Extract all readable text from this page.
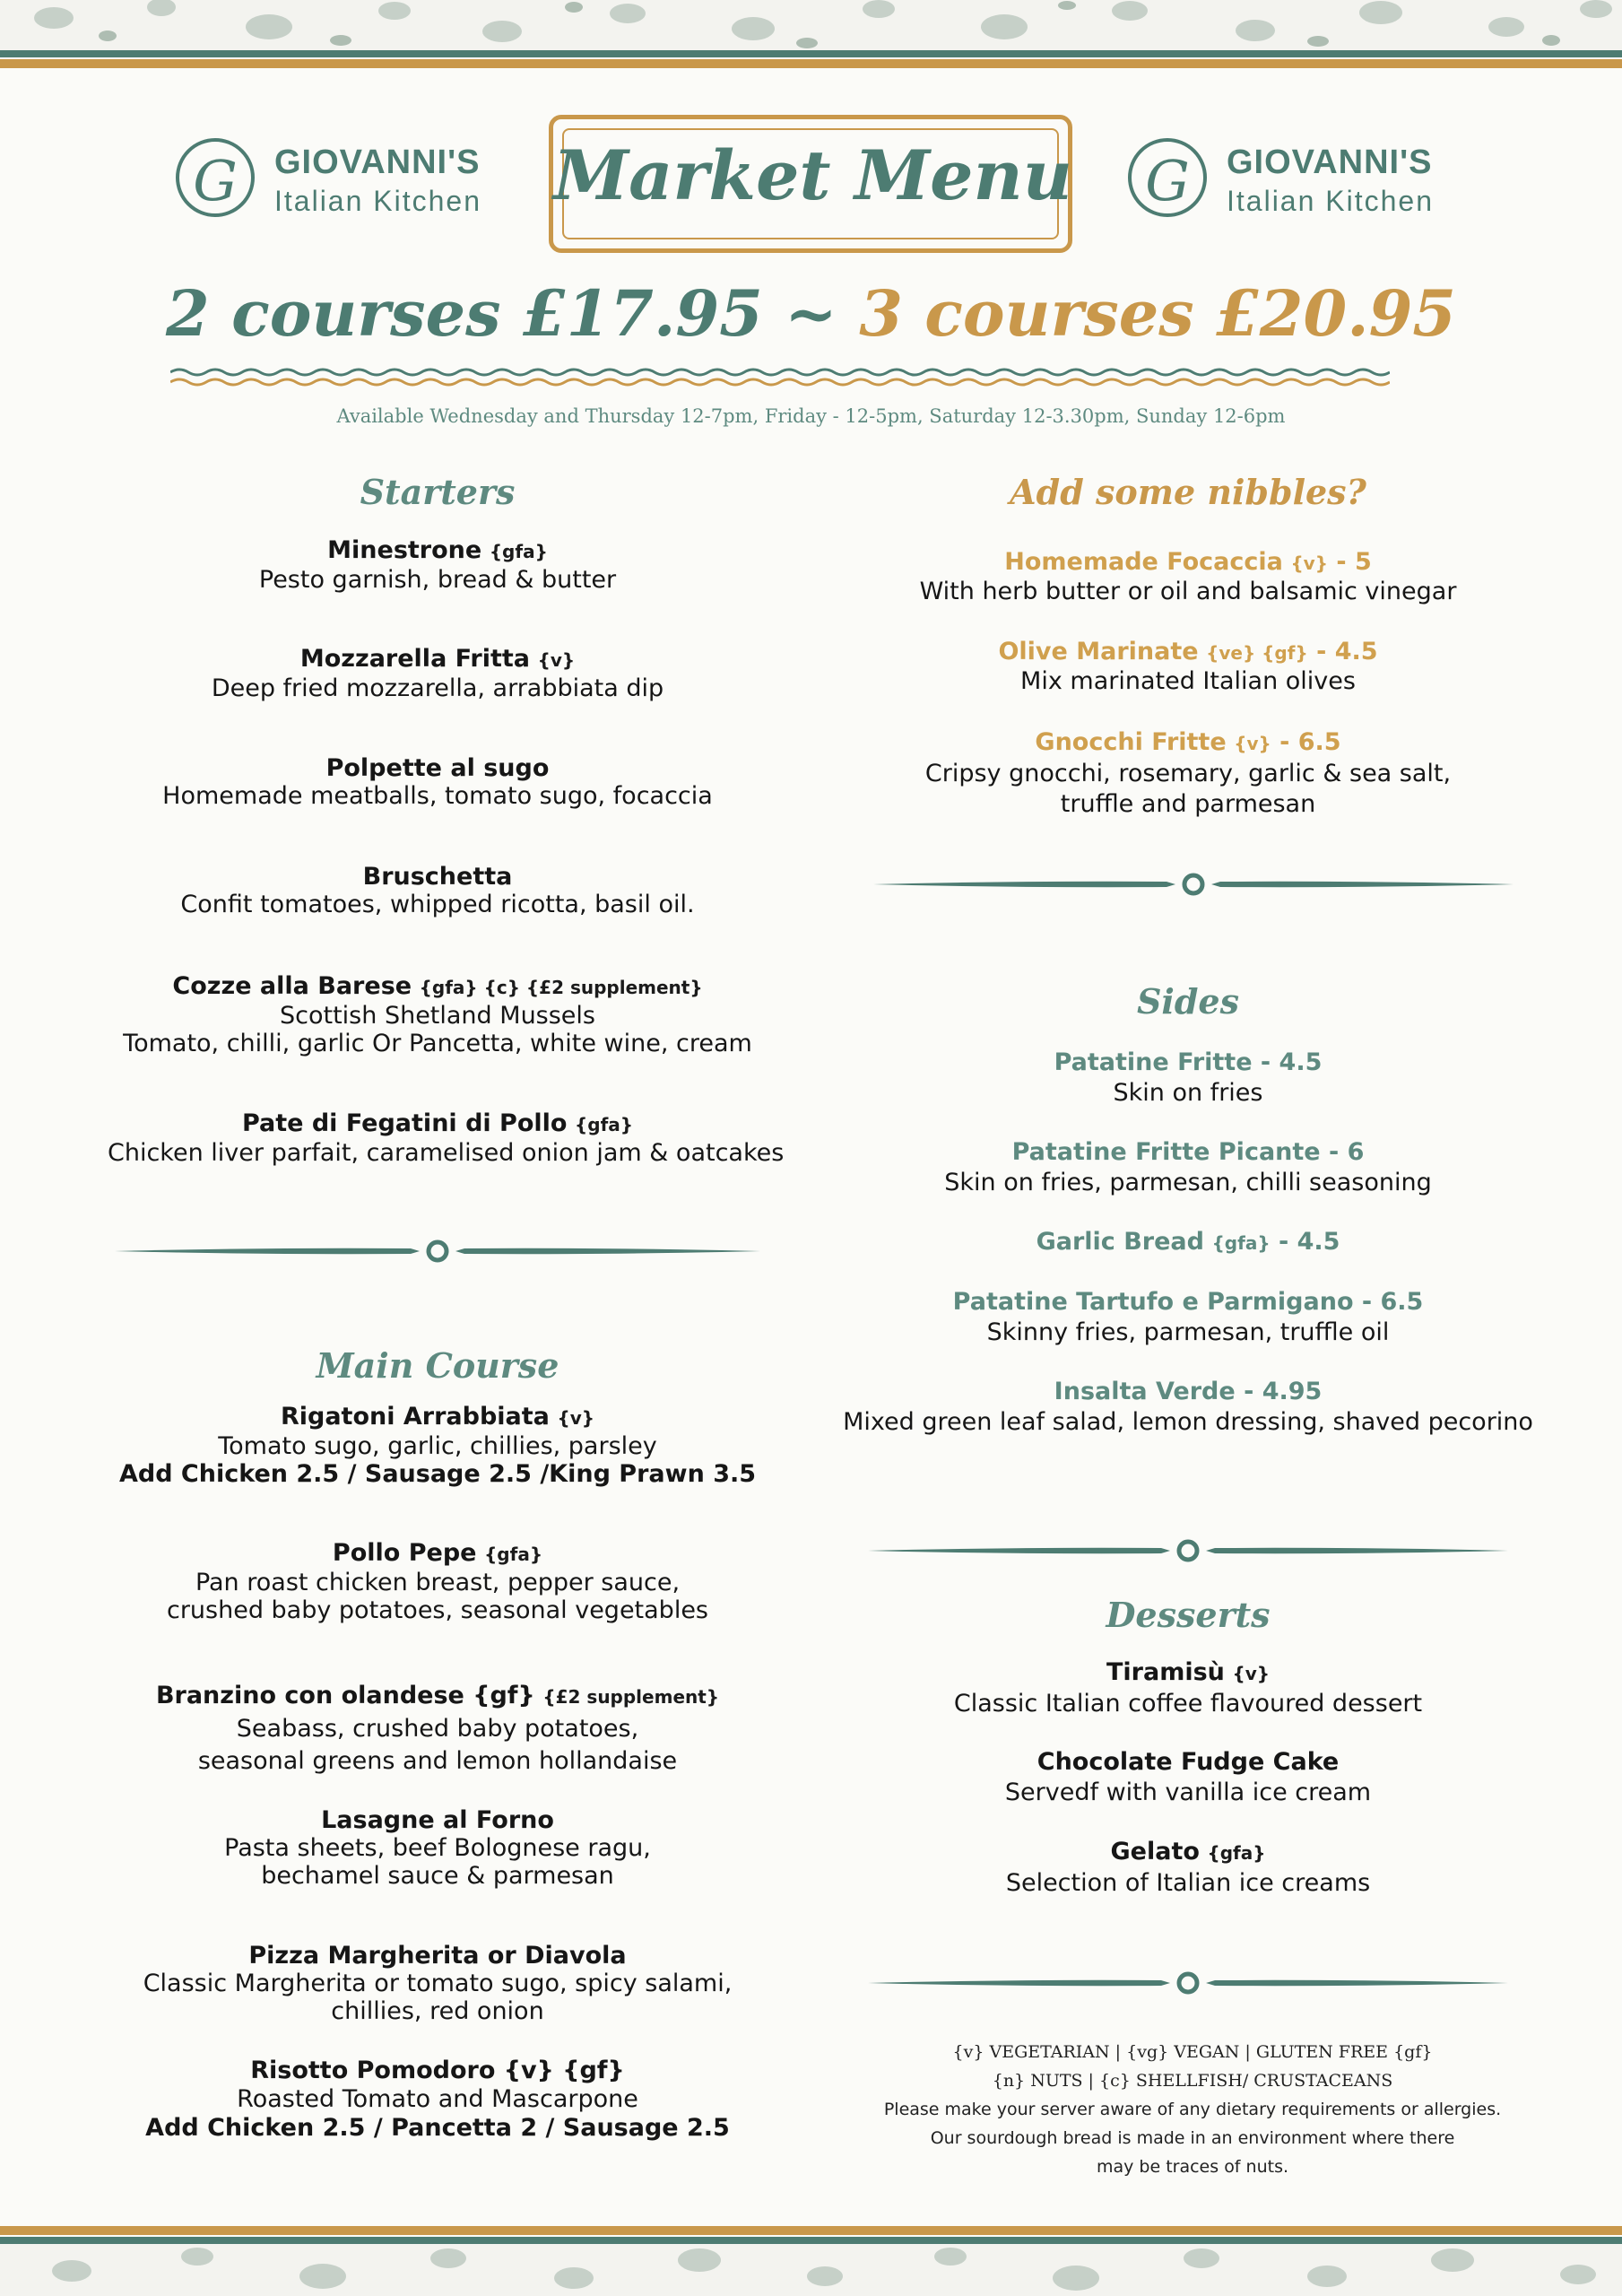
G	GIOVANNI'S
Italian Kitchen	G	GIOVANNI'S
Italian Kitchen
Market Menu
2 courses £17.95 ~ 3 courses £20.95
Available Wednesday and Thursday 12-7pm, Friday - 12-5pm, Saturday 12-3.30pm, Sunday 12-6pm
Starters
Minestrone {gfa}
Pesto garnish, bread & butter
Mozzarella Fritta {v}
Deep fried mozzarella, arrabbiata dip
Polpette al sugo
Homemade meatballs, tomato sugo, focaccia
Bruschetta
Confit tomatoes, whipped ricotta, basil oil.
Cozze alla Barese {gfa} {c} {£2 supplement}
Scottish Shetland Mussels
Tomato, chilli, garlic Or Pancetta, white wine, cream
Pate di Fegatini di Pollo {gfa}
Chicken liver parfait, caramelised onion jam & oatcakes
Main Course
Rigatoni Arrabbiata {v}
Tomato sugo, garlic, chillies, parsley
Add Chicken 2.5 / Sausage 2.5 /King Prawn 3.5
Pollo Pepe {gfa}
Pan roast chicken breast, pepper sauce,
crushed baby potatoes, seasonal vegetables
Branzino con olandese {gf} {£2 supplement}
Seabass, crushed baby potatoes,
seasonal greens and lemon hollandaise
Lasagne al Forno
Pasta sheets, beef Bolognese ragu,
bechamel sauce & parmesan
Pizza Margherita or Diavola
Classic Margherita or tomato sugo, spicy salami,
chillies, red onion
Risotto Pomodoro {v} {gf}
Roasted Tomato and Mascarpone
Add Chicken 2.5 / Pancetta 2 / Sausage 2.5
Add some nibbles?
Homemade Focaccia {v} - 5
With herb butter or oil and balsamic vinegar
Olive Marinate {ve} {gf} - 4.5
Mix marinated Italian olives
Gnocchi Fritte {v} - 6.5
Cripsy gnocchi, rosemary, garlic & sea salt,
truffle and parmesan
Sides
Patatine Fritte - 4.5
Skin on fries
Patatine Fritte Picante - 6
Skin on fries, parmesan, chilli seasoning
Garlic Bread {gfa} - 4.5
Patatine Tartufo e Parmigano - 6.5
Skinny fries, parmesan, truffle oil
Insalta Verde - 4.95
Mixed green leaf salad, lemon dressing, shaved pecorino
Desserts
Tiramisù {v}
Classic Italian coffee flavoured dessert
Chocolate Fudge Cake
Servedf with vanilla ice cream
Gelato {gfa}
Selection of Italian ice creams
{v} VEGETARIAN | {vg} VEGAN | GLUTEN FREE {gf}
{n} NUTS | {c} SHELLFISH/ CRUSTACEANS
Please make your server aware of any dietary requirements or allergies.
Our sourdough bread is made in an environment where there
may be traces of nuts.
